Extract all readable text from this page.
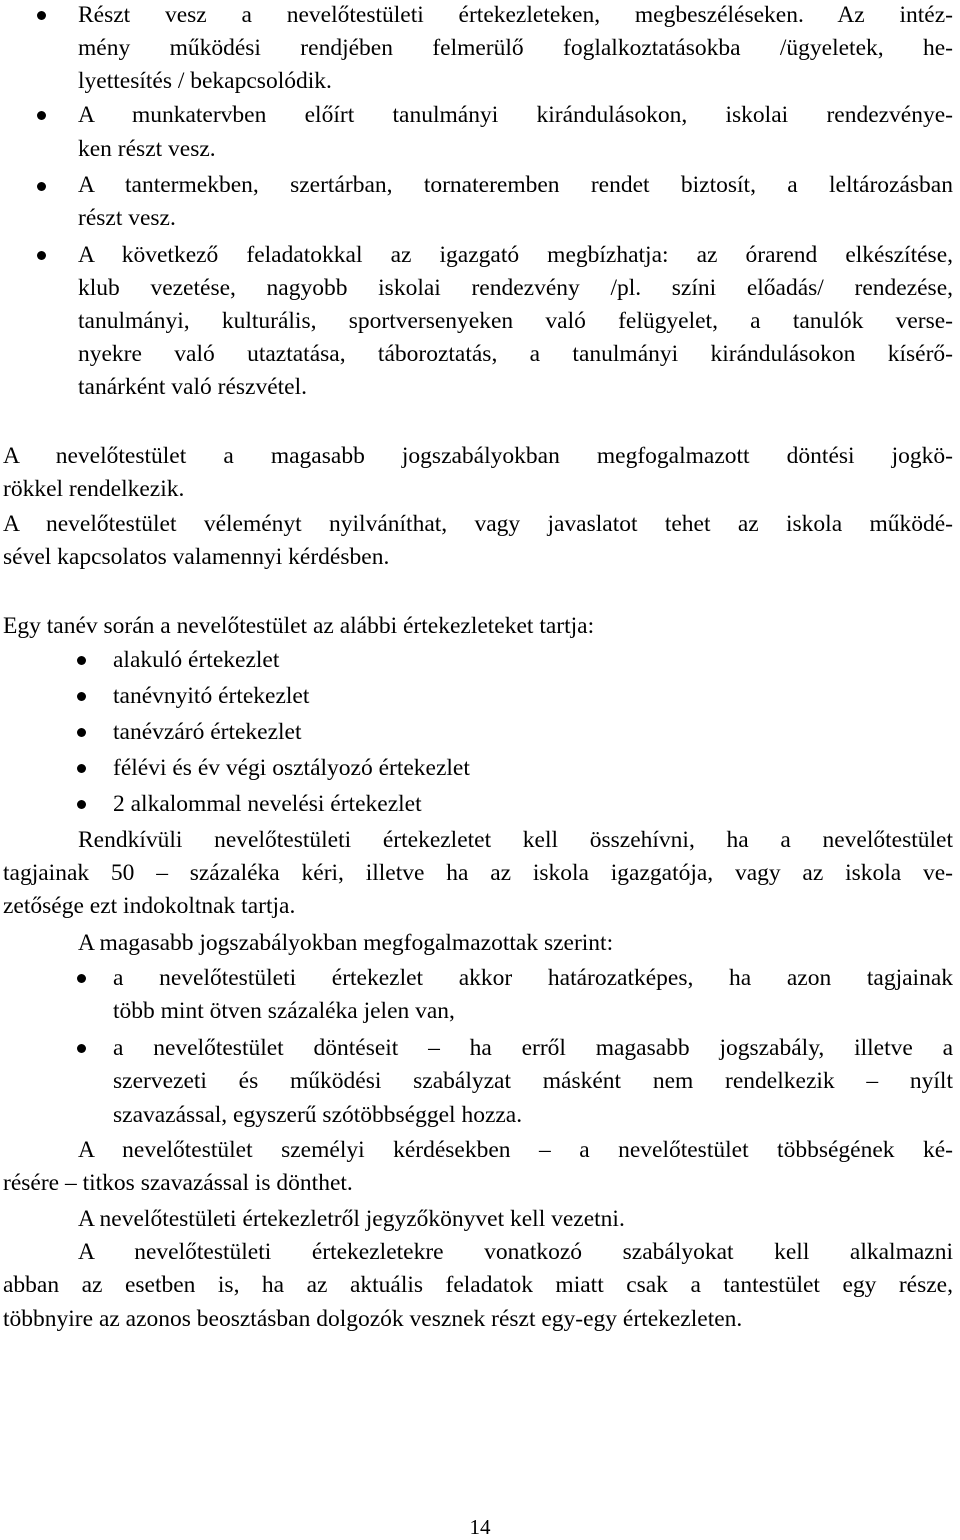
Részt vesz a nevelőtestületi értekezleteken, megbeszéléseken. Az intéz-
mény működési rendjében felmerülő foglalkoztatásokba /ügyeletek, he-
lyettesítés / bekapcsolódik.
A munkatervben előírt tanulmányi kirándulásokon, iskolai rendezvénye-
ken részt vesz.
A tantermekben, szertárban, tornateremben rendet biztosít, a leltározásban
részt vesz.
A következő feladatokkal az igazgató megbízhatja: az órarend elkészítése,
klub vezetése, nagyobb iskolai rendezvény /pl. színi előadás/ rendezése,
tanulmányi, kulturális, sportversenyeken való felügyelet, a tanulók verse-
nyekre való utaztatása, táboroztatás, a tanulmányi kirándulásokon kísérő-
tanárként való részvétel.
A nevelőtestület a magasabb jogszabályokban megfogalmazott döntési jogkö-
rökkel rendelkezik.
A nevelőtestület véleményt nyilváníthat, vagy javaslatot tehet az iskola működé-
sével kapcsolatos valamennyi kérdésben.
Egy tanév során a nevelőtestület az alábbi értekezleteket tartja:
alakuló értekezlet
tanévnyitó értekezlet
tanévzáró értekezlet
félévi és év végi osztályozó értekezlet
2 alkalommal nevelési értekezlet
Rendkívüli nevelőtestületi értekezletet kell összehívni, ha a nevelőtestület
tagjainak 50 – százaléka kéri, illetve ha az iskola igazgatója, vagy az iskola ve-
zetősége ezt indokoltnak tartja.
A magasabb jogszabályokban megfogalmazottak szerint:
a nevelőtestületi értekezlet akkor határozatképes, ha azon tagjainak
több mint ötven százaléka jelen van,
a nevelőtestület döntéseit – ha erről magasabb jogszabály, illetve a
szervezeti és működési szabályzat másként nem rendelkezik – nyílt
szavazással, egyszerű szótöbbséggel hozza.
A nevelőtestület személyi kérdésekben – a nevelőtestület többségének ké-
résére – titkos szavazással is dönthet.
A nevelőtestületi értekezletről jegyzőkönyvet kell vezetni.
A nevelőtestületi értekezletekre vonatkozó szabályokat kell alkalmazni
abban az esetben is, ha az aktuális feladatok miatt csak a tantestület egy része,
többnyire az azonos beosztásban dolgozók vesznek részt egy-egy értekezleten.
14
